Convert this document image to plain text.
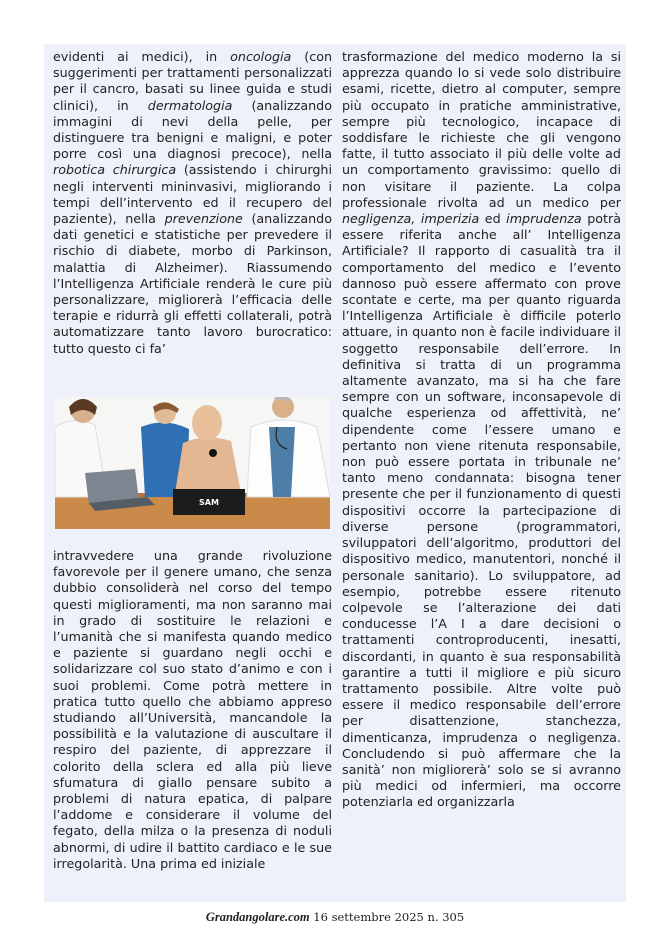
evidenti ai medici), in oncologia (con suggerimenti per trattamenti personalizzati per il cancro, basati su linee guida e studi clinici), in dermatologia (analizzando immagini di nevi della pelle, per distinguere tra benigni e maligni, e poter porre così una diagnosi precoce), nella robotica chirurgica (assistendo i chirurghi negli interventi mininvasivi, migliorando i tempi dell’intervento ed il recupero del paziente), nella prevenzione (analizzando dati genetici e statistiche per prevedere il rischio di diabete, morbo di Parkinson, malattia di Alzheimer). Riassumendo l’Intelligenza Artificiale renderà le cure più personalizzare, migliorerà l’efficacia delle terapie e ridurrà gli effetti collaterali, potrà automatizzare tanto lavoro burocratico: tutto questo ci fa’

SAM

intravvedere una grande rivoluzione favorevole per il genere umano, che senza dubbio consoliderà nel corso del tempo questi miglioramenti, ma non saranno mai in grado di sostituire le relazioni e l’umanità che si manifesta quando medico e paziente si guardano negli occhi e solidarizzare col suo stato d’animo e con i suoi problemi. Come potrà mettere in pratica tutto quello che abbiamo appreso studiando all’Università, mancandole la possibilità e la valutazione di auscultare il respiro del paziente, di apprezzare il colorito della sclera ed alla più lieve sfumatura di giallo pensare subito a problemi di natura epatica, di palpare l’addome e considerare il volume del fegato, della milza o la presenza di noduli abnormi, di udire il battito cardiaco e le sue irregolarità. Una prima ed iniziale

trasformazione del medico moderno la si apprezza quando lo si vede solo distribuire esami, ricette, dietro al computer, sempre più occupato in pratiche amministrative, sempre più tecnologico, incapace di soddisfare le richieste che gli vengono fatte, il tutto associato il più delle volte ad un comportamento gravissimo: quello di non visitare il paziente. La colpa professionale rivolta ad un medico per negligenza, imperizia ed imprudenza potrà essere riferita anche all’ Intelligenza Artificiale? Il rapporto di casualità tra il comportamento del medico e l’evento dannoso può essere affermato con prove scontate e certe, ma per quanto riguarda l’Intelligenza Artificiale è difficile poterlo attuare, in quanto non è facile individuare il soggetto responsabile dell’errore. In definitiva si tratta di un programma altamente avanzato, ma si ha che fare sempre con un software, inconsapevole di qualche esperienza od affettività, ne’ dipendente come l’essere umano e pertanto non viene ritenuta responsabile, non può essere portata in tribunale ne’ tanto meno condannata: bisogna tener presente che per il funzionamento di questi dispositivi occorre la partecipazione di diverse persone (programmatori, sviluppatori dell’algoritmo, produttori del dispositivo medico, manutentori, nonché il personale sanitario). Lo sviluppatore, ad esempio, potrebbe essere ritenuto colpevole se l’alterazione dei dati conducesse l’A I a dare decisioni o trattamenti controproducenti, inesatti, discordanti, in quanto è sua responsabilità garantire a tutti il migliore e più sicuro trattamento possibile. Altre volte può essere il medico responsabile dell’errore per disattenzione, stanchezza, dimenticanza, imprudenza o negligenza. Concludendo si può affermare che la sanità’ non migliorerà’ solo se si avranno più medici od infermieri, ma occorre potenziarla ed organizzarla

Grandangolare.com 16 settembre 2025 n. 305
